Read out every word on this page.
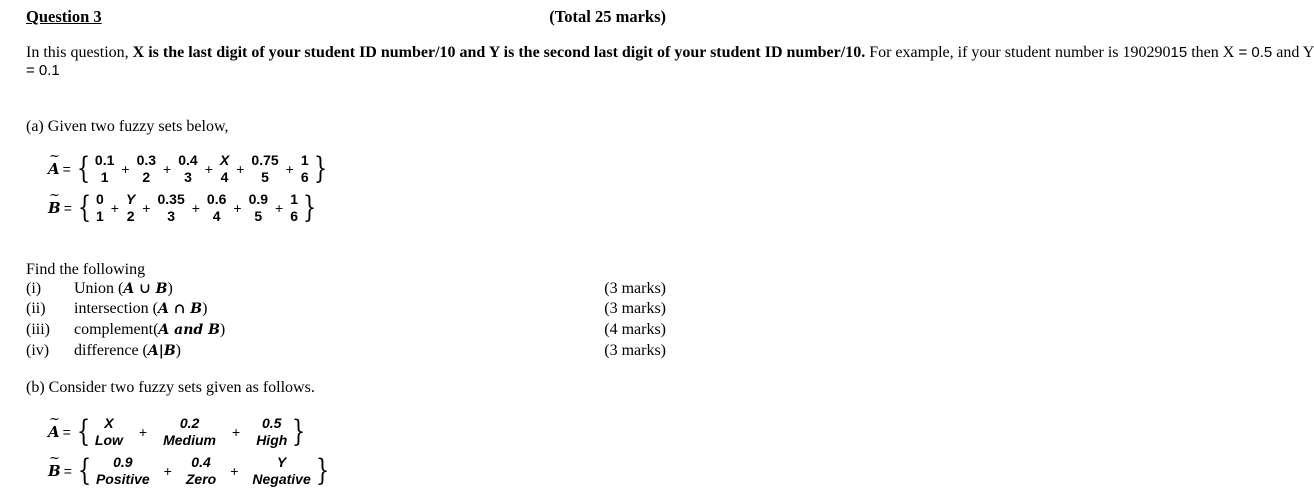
Question 3	(Total 25 marks)
In this question, X is the last digit of your student ID number/10 and Y is the second last digit of your student ID number/10. For example, if your student number is 19029015 then X = 0.5 and Y
= 0.1
(a) Given two fuzzy sets below,
~ A = { 0.1
1 +
0.3
2 +
0.4
3 +
X
4 +
0.75
5	+
1
6 }
~ B = { 0
1 +
Y
2 +
0.35
3	+
0.6
4 +
0.9
5 +
1
6 }
Find the following
(i) Union (A ∪ B)	(3 marks)
(ii) intersection (A ∩ B)	(3 marks)
(iii) complement(A and B)	(4 marks)
(iv) difference (A|B)	(3 marks)
(b) Consider two fuzzy sets given as follows.
~ A = { X
Low	+
0.2
Medium	+
0.5
High }
~ B = { 0.9
Positive	+
0.4
Zero	+
Y
Negative }
